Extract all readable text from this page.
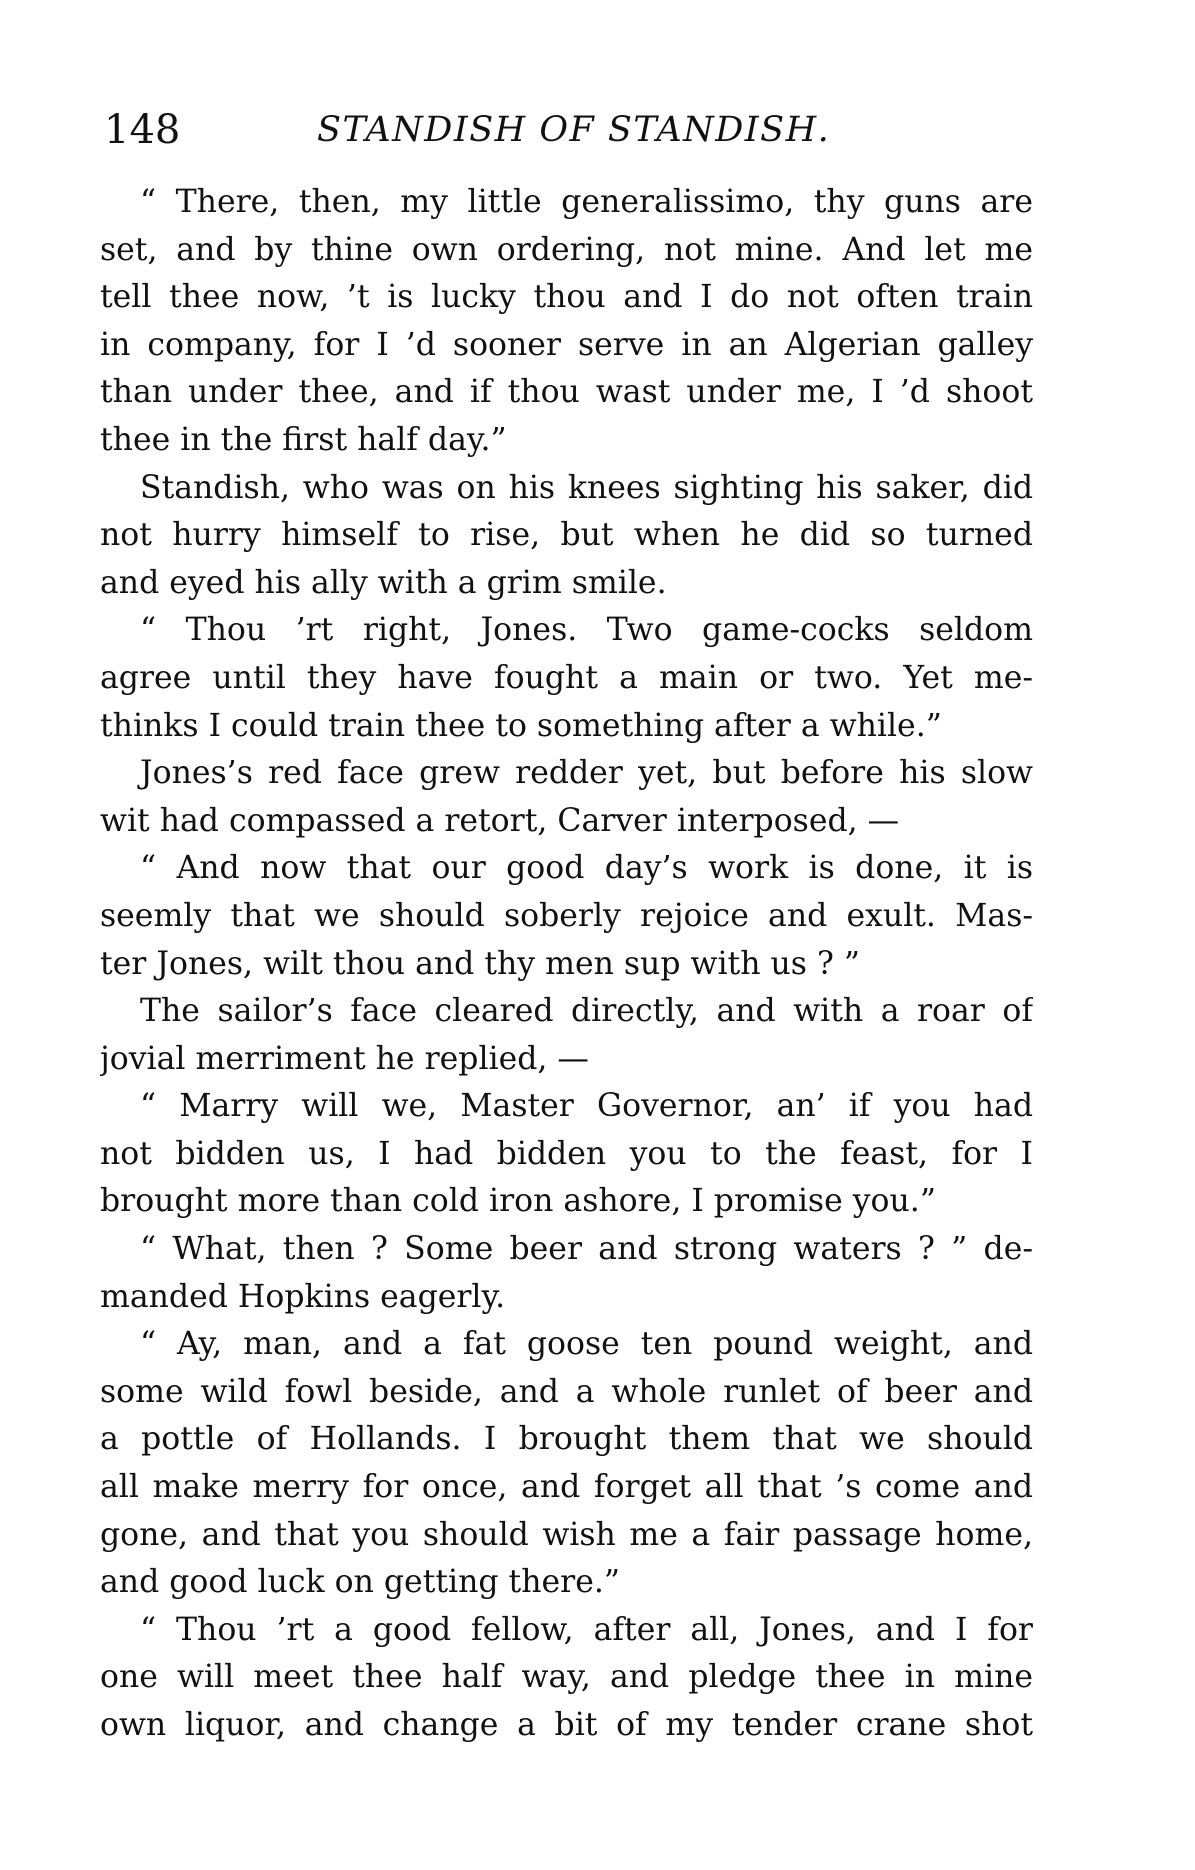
148	STANDISH OF STANDISH.
“ There, then, my little generalissimo, thy guns are
set, and by thine own ordering, not mine. And let me
tell thee now, ’t is lucky thou and I do not often train
in company, for I ’d sooner serve in an Algerian galley
than under thee, and if thou wast under me, I ’d shoot
thee in the first half day.”
Standish, who was on his knees sighting his saker, did
not hurry himself to rise, but when he did so turned
and eyed his ally with a grim smile.
“ Thou ’rt right, Jones. Two game-cocks seldom
agree until they have fought a main or two. Yet me-
thinks I could train thee to something after a while.”
Jones’s red face grew redder yet, but before his slow
wit had compassed a retort, Carver interposed, —
“ And now that our good day’s work is done, it is
seemly that we should soberly rejoice and exult. Mas-
ter Jones, wilt thou and thy men sup with us ? ”
The sailor’s face cleared directly, and with a roar of
jovial merriment he replied, —
“ Marry will we, Master Governor, an’ if you had
not bidden us, I had bidden you to the feast, for I
brought more than cold iron ashore, I promise you.”
“ What, then ? Some beer and strong waters ? ” de-
manded Hopkins eagerly.
“ Ay, man, and a fat goose ten pound weight, and
some wild fowl beside, and a whole runlet of beer and
a pottle of Hollands. I brought them that we should
all make merry for once, and forget all that ’s come and
gone, and that you should wish me a fair passage home,
and good luck on getting there.”
“ Thou ’rt a good fellow, after all, Jones, and I for
one will meet thee half way, and pledge thee in mine
own liquor, and change a bit of my tender crane shot
